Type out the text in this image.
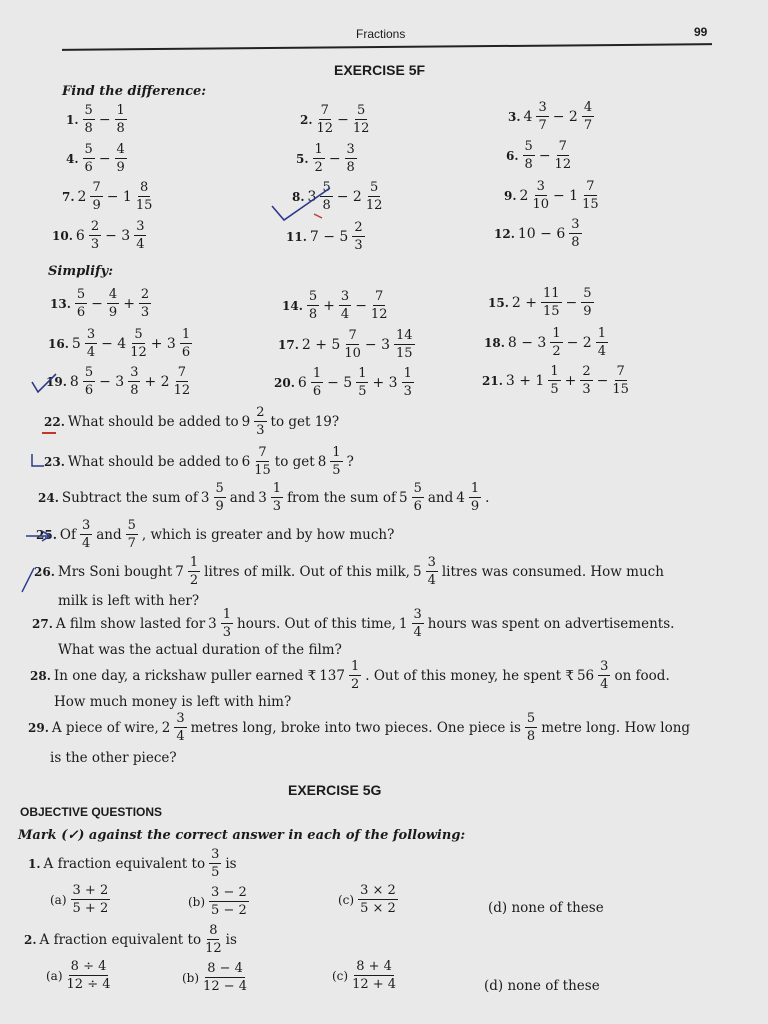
Fractions	99
EXERCISE 5F
Find the difference:
1. $\frac{5}{8} - \frac{1}{8}$	2. $\frac{7}{12} - \frac{5}{12}$	3. $4 \frac{3}{7} - 2 \frac{4}{7}$
4. $\frac{5}{6} - \frac{4}{9}$	5. $\frac{1}{2} - \frac{3}{8}$	6. $\frac{5}{8} - \frac{7}{12}$
7. $2 \frac{7}{9} - 1 \frac{8}{15}$	8. $3 \frac{5}{8} - 2 \frac{5}{12}$	9. $2 \frac{3}{10} - 1 \frac{7}{15}$
10. $6 \frac{2}{3} - 3 \frac{3}{4}$	11. $7 - 5 \frac{2}{3}$	12. $10 - 6 \frac{3}{8}$
Simplify:
13. $\frac{5}{6} - \frac{4}{9} + \frac{2}{3}$	14. $\frac{5}{8} + \frac{3}{4} - \frac{7}{12}$	15. $2 + \frac{11}{15} - \frac{5}{9}$
16. $5 \frac{3}{4} - 4 \frac{5}{12} + 3 \frac{1}{6}$	17. $2 + 5 \frac{7}{10} - 3 \frac{14}{15}$	18. $8 - 3 \frac{1}{2} - 2 \frac{1}{4}$
19. $8 \frac{5}{6} - 3 \frac{3}{8} + 2 \frac{7}{12}$	20. $6 \frac{1}{6} - 5 \frac{1}{5} + 3 \frac{1}{3}$	21. $3 + 1 \frac{1}{5} + \frac{2}{3} - \frac{7}{15}$
22. What should be added to $9 \frac{2}{3}$ to get 19?
23. What should be added to $6 \frac{7}{15}$ to get $8 \frac{1}{5}$ ?
24. Subtract the sum of $3 \frac{5}{9}$ and $3 \frac{1}{3}$ from the sum of $5 \frac{5}{6}$ and $4 \frac{1}{9}$ .
25. Of $\frac{3}{4}$ and $\frac{5}{7}$ , which is greater and by how much?
26. Mrs Soni bought $7 \frac{1}{2}$ litres of milk. Out of this milk, $5 \frac{3}{4}$ litres was consumed. How much
milk is left with her?
27. A film show lasted for $3 \frac{1}{3}$ hours. Out of this time, $1 \frac{3}{4}$ hours was spent on advertisements.
What was the actual duration of the film?
28. In one day, a rickshaw puller earned ₹ $137 \frac{1}{2}$ . Out of this money, he spent ₹ $56 \frac{3}{4}$ on food.
How much money is left with him?
29. A piece of wire, $2 \frac{3}{4}$ metres long, broke into two pieces. One piece is $\frac{5}{8}$ metre long. How long
is the other piece?
EXERCISE 5G
OBJECTIVE QUESTIONS
Mark (✓) against the correct answer in each of the following:
1. A fraction equivalent to $\frac{3}{5}$ is
$(a) \frac{3 + 2}{5 + 2}$	$(b) \frac{3 - 2}{5 - 2}$	$(c) \frac{3 \times 2}{5 \times 2}$	(d) none of these
2. A fraction equivalent to $\frac{8}{12}$ is
$(a) \frac{8 \div 4}{12 \div 4}$	$(b) \frac{8 - 4}{12 - 4}$	$(c) \frac{8 + 4}{12 + 4}$	(d) none of these
